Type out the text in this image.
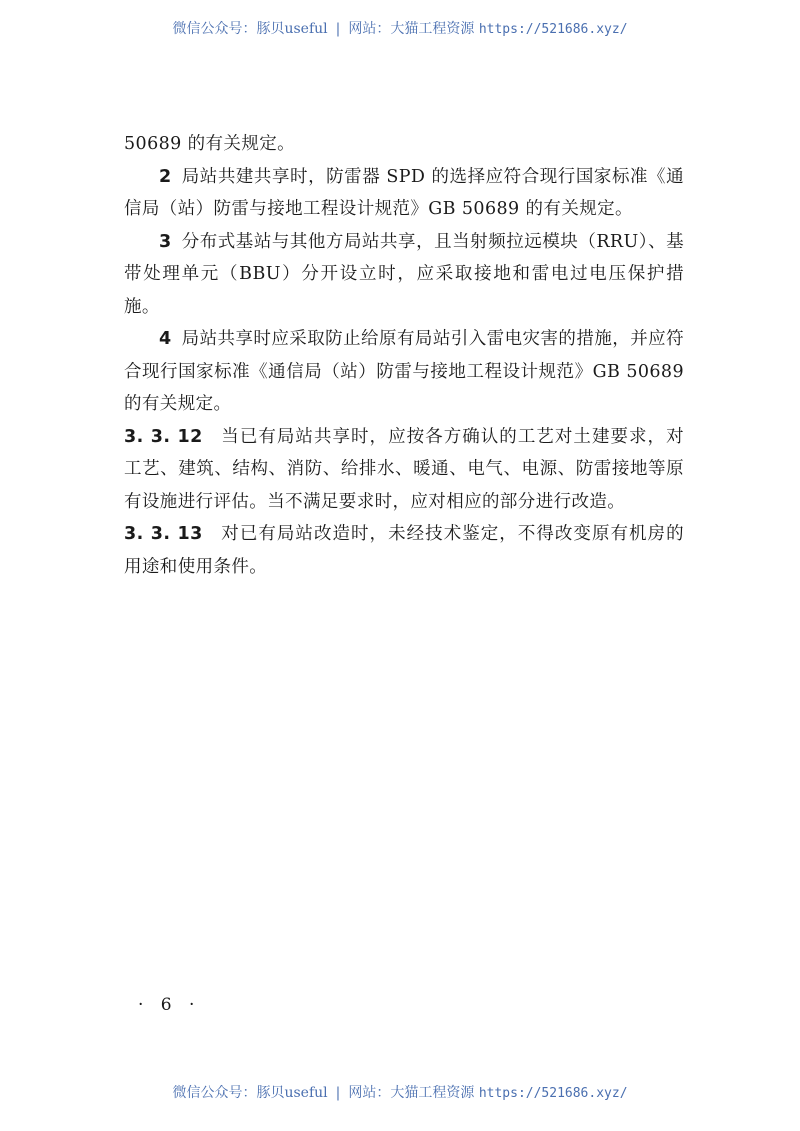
微信公众号：豚贝useful | 网站：大猫工程资源 https://521686.xyz/

50689 的有关规定。

2 局站共建共享时，防雷器 SPD 的选择应符合现行国家标准《通信局（站）防雷与接地工程设计规范》GB 50689 的有关规定。

3 分布式基站与其他方局站共享，且当射频拉远模块（RRU）、基带处理单元（BBU）分开设立时，应采取接地和雷电过电压保护措施。

4 局站共享时应采取防止给原有局站引入雷电灾害的措施，并应符合现行国家标准《通信局（站）防雷与接地工程设计规范》GB 50689 的有关规定。

3. 3. 12 当已有局站共享时，应按各方确认的工艺对土建要求，对工艺、建筑、结构、消防、给排水、暖通、电气、电源、防雷接地等原有设施进行评估。当不满足要求时，应对相应的部分进行改造。

3. 3. 13 对已有局站改造时，未经技术鉴定，不得改变原有机房的用途和使用条件。

· 6 ·
微信公众号：豚贝useful | 网站：大猫工程资源 https://521686.xyz/
